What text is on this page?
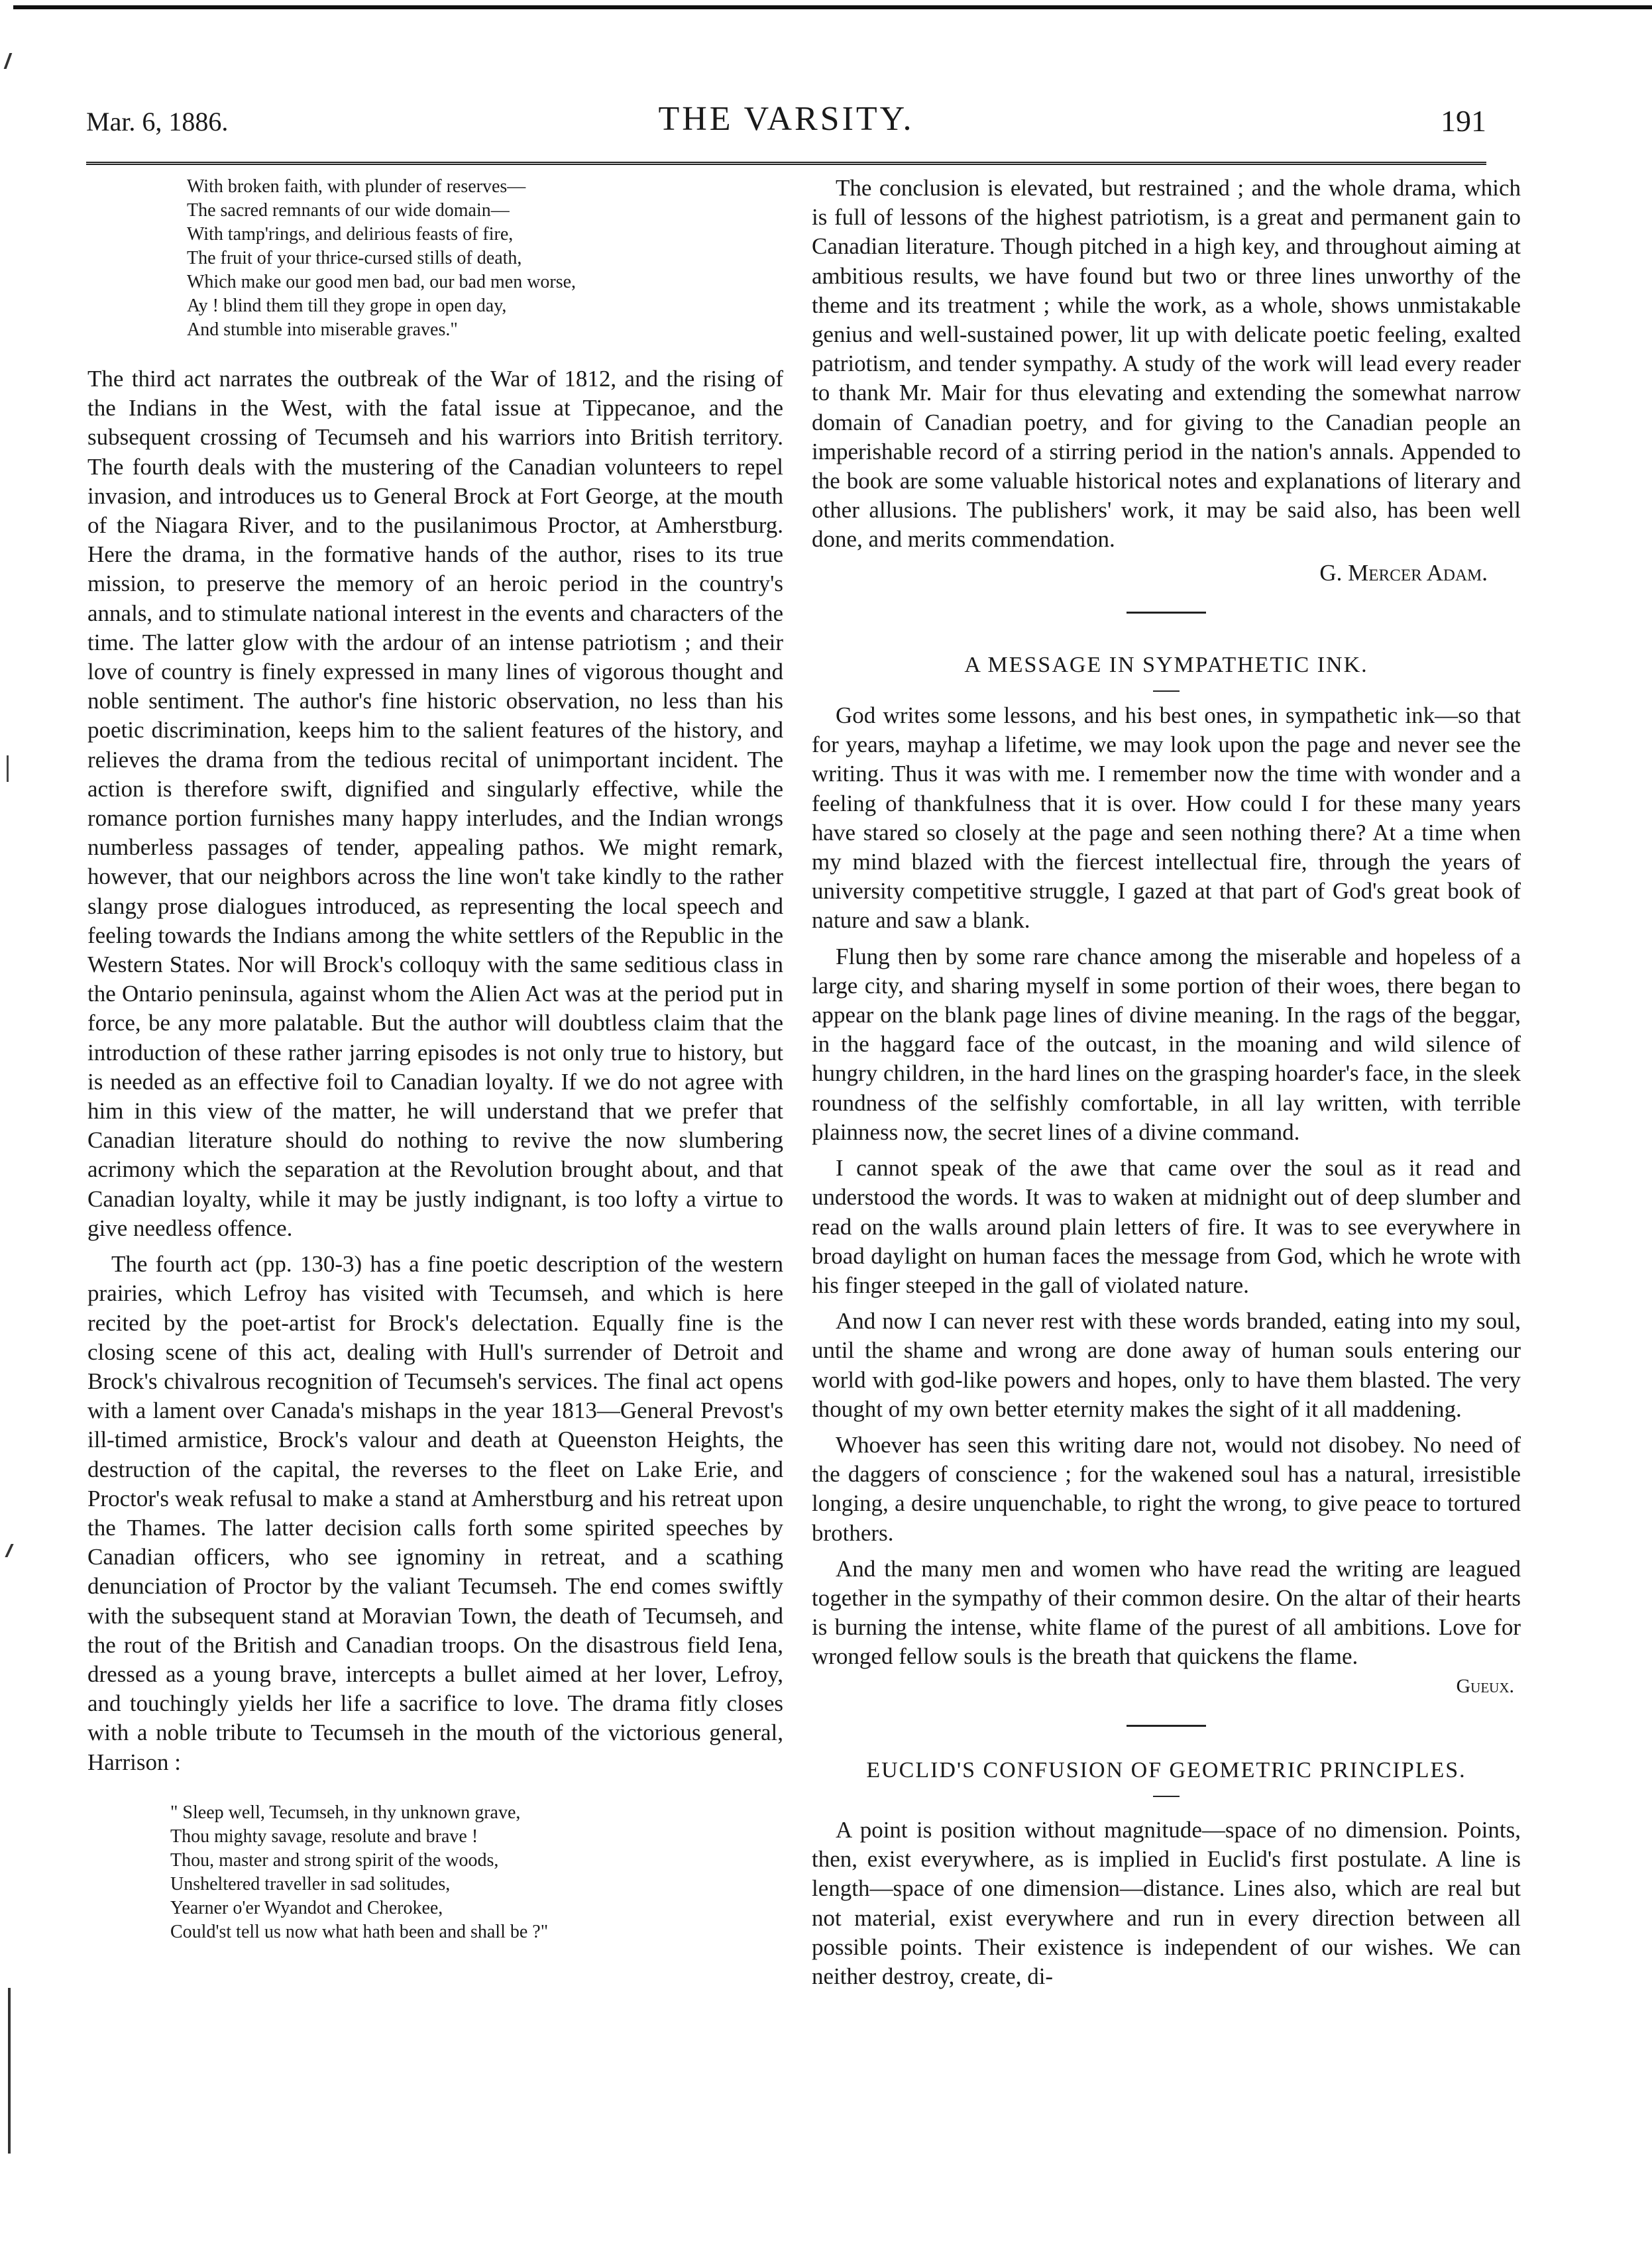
Mar. 6, 1886.	THE VARSITY.	191
With broken faith, with plunder of reserves—
The sacred remnants of our wide domain—
With tamp'rings, and delirious feasts of fire,
The fruit of your thrice-cursed stills of death,
Which make our good men bad, our bad men worse,
Ay ! blind them till they grope in open day,
And stumble into miserable graves."

The third act narrates the outbreak of the War of 1812, and the rising of the Indians in the West, with the fatal issue at Tippecanoe, and the subsequent crossing of Tecumseh and his warriors into British territory. The fourth deals with the mustering of the Canadian volunteers to repel invasion, and introduces us to General Brock at Fort George, at the mouth of the Niagara River, and to the pusilanimous Proctor, at Amherstburg. Here the drama, in the formative hands of the author, rises to its true mission, to preserve the memory of an heroic period in the country's annals, and to stimulate national interest in the events and characters of the time. The latter glow with the ardour of an intense patriotism ; and their love of country is finely expressed in many lines of vigorous thought and noble sentiment. The author's fine historic observation, no less than his poetic discrimination, keeps him to the salient features of the history, and relieves the drama from the tedious recital of unimportant incident. The action is therefore swift, dignified and singularly effective, while the romance portion furnishes many happy interludes, and the Indian wrongs numberless passages of tender, appealing pathos. We might remark, however, that our neighbors across the line won't take kindly to the rather slangy prose dialogues introduced, as representing the local speech and feeling towards the Indians among the white settlers of the Republic in the Western States. Nor will Brock's colloquy with the same seditious class in the Ontario peninsula, against whom the Alien Act was at the period put in force, be any more palatable. But the author will doubtless claim that the introduction of these rather jarring episodes is not only true to history, but is needed as an effective foil to Canadian loyalty. If we do not agree with him in this view of the matter, he will understand that we prefer that Canadian literature should do nothing to revive the now slumbering acrimony which the separation at the Revolution brought about, and that Canadian loyalty, while it may be justly indignant, is too lofty a virtue to give needless offence.

The fourth act (pp. 130-3) has a fine poetic description of the western prairies, which Lefroy has visited with Tecumseh, and which is here recited by the poet-artist for Brock's delectation. Equally fine is the closing scene of this act, dealing with Hull's surrender of Detroit and Brock's chivalrous recognition of Tecumseh's services. The final act opens with a lament over Canada's mishaps in the year 1813—General Prevost's ill-timed armistice, Brock's valour and death at Queenston Heights, the destruction of the capital, the reverses to the fleet on Lake Erie, and Proctor's weak refusal to make a stand at Amherstburg and his retreat upon the Thames. The latter decision calls forth some spirited speeches by Canadian officers, who see ignominy in retreat, and a scathing denunciation of Proctor by the valiant Tecumseh. The end comes swiftly with the subsequent stand at Moravian Town, the death of Tecumseh, and the rout of the British and Canadian troops. On the disastrous field Iena, dressed as a young brave, intercepts a bullet aimed at her lover, Lefroy, and touchingly yields her life a sacrifice to love. The drama fitly closes with a noble tribute to Tecumseh in the mouth of the victorious general, Harrison :

" Sleep well, Tecumseh, in thy unknown grave,
Thou mighty savage, resolute and brave !
Thou, master and strong spirit of the woods,
Unsheltered traveller in sad solitudes,
Yearner o'er Wyandot and Cherokee,
Could'st tell us now what hath been and shall be ?"

The conclusion is elevated, but restrained ; and the whole drama, which is full of lessons of the highest patriotism, is a great and permanent gain to Canadian literature. Though pitched in a high key, and throughout aiming at ambitious results, we have found but two or three lines unworthy of the theme and its treatment ; while the work, as a whole, shows unmistakable genius and well-sustained power, lit up with delicate poetic feeling, exalted patriotism, and tender sympathy. A study of the work will lead every reader to thank Mr. Mair for thus elevating and extending the somewhat narrow domain of Canadian poetry, and for giving to the Canadian people an imperishable record of a stirring period in the nation's annals. Appended to the book are some valuable historical notes and explanations of literary and other allusions. The publishers' work, it may be said also, has been well done, and merits commendation.

G. Mercer Adam.
A MESSAGE IN SYMPATHETIC INK.

God writes some lessons, and his best ones, in sympathetic ink—so that for years, mayhap a lifetime, we may look upon the page and never see the writing. Thus it was with me. I remember now the time with wonder and a feeling of thankfulness that it is over. How could I for these many years have stared so closely at the page and seen nothing there? At a time when my mind blazed with the fiercest intellectual fire, through the years of university competitive struggle, I gazed at that part of God's great book of nature and saw a blank.

Flung then by some rare chance among the miserable and hopeless of a large city, and sharing myself in some portion of their woes, there began to appear on the blank page lines of divine meaning. In the rags of the beggar, in the haggard face of the outcast, in the moaning and wild silence of hungry children, in the hard lines on the grasping hoarder's face, in the sleek roundness of the selfishly comfortable, in all lay written, with terrible plainness now, the secret lines of a divine command.

I cannot speak of the awe that came over the soul as it read and understood the words. It was to waken at midnight out of deep slumber and read on the walls around plain letters of fire. It was to see everywhere in broad daylight on human faces the message from God, which he wrote with his finger steeped in the gall of violated nature.

And now I can never rest with these words branded, eating into my soul, until the shame and wrong are done away of human souls entering our world with god-like powers and hopes, only to have them blasted. The very thought of my own better eternity makes the sight of it all maddening.

Whoever has seen this writing dare not, would not disobey. No need of the daggers of conscience ; for the wakened soul has a natural, irresistible longing, a desire unquenchable, to right the wrong, to give peace to tortured brothers.

And the many men and women who have read the writing are leagued together in the sympathy of their common desire. On the altar of their hearts is burning the intense, white flame of the purest of all ambitions. Love for wronged fellow souls is the breath that quickens the flame.

Gueux.
EUCLID'S CONFUSION OF GEOMETRIC PRINCIPLES.

A point is position without magnitude—space of no dimension. Points, then, exist everywhere, as is implied in Euclid's first postulate. A line is length—space of one dimension—distance. Lines also, which are real but not material, exist everywhere and run in every direction between all possible points. Their existence is independent of our wishes. We can neither destroy, create, di-
